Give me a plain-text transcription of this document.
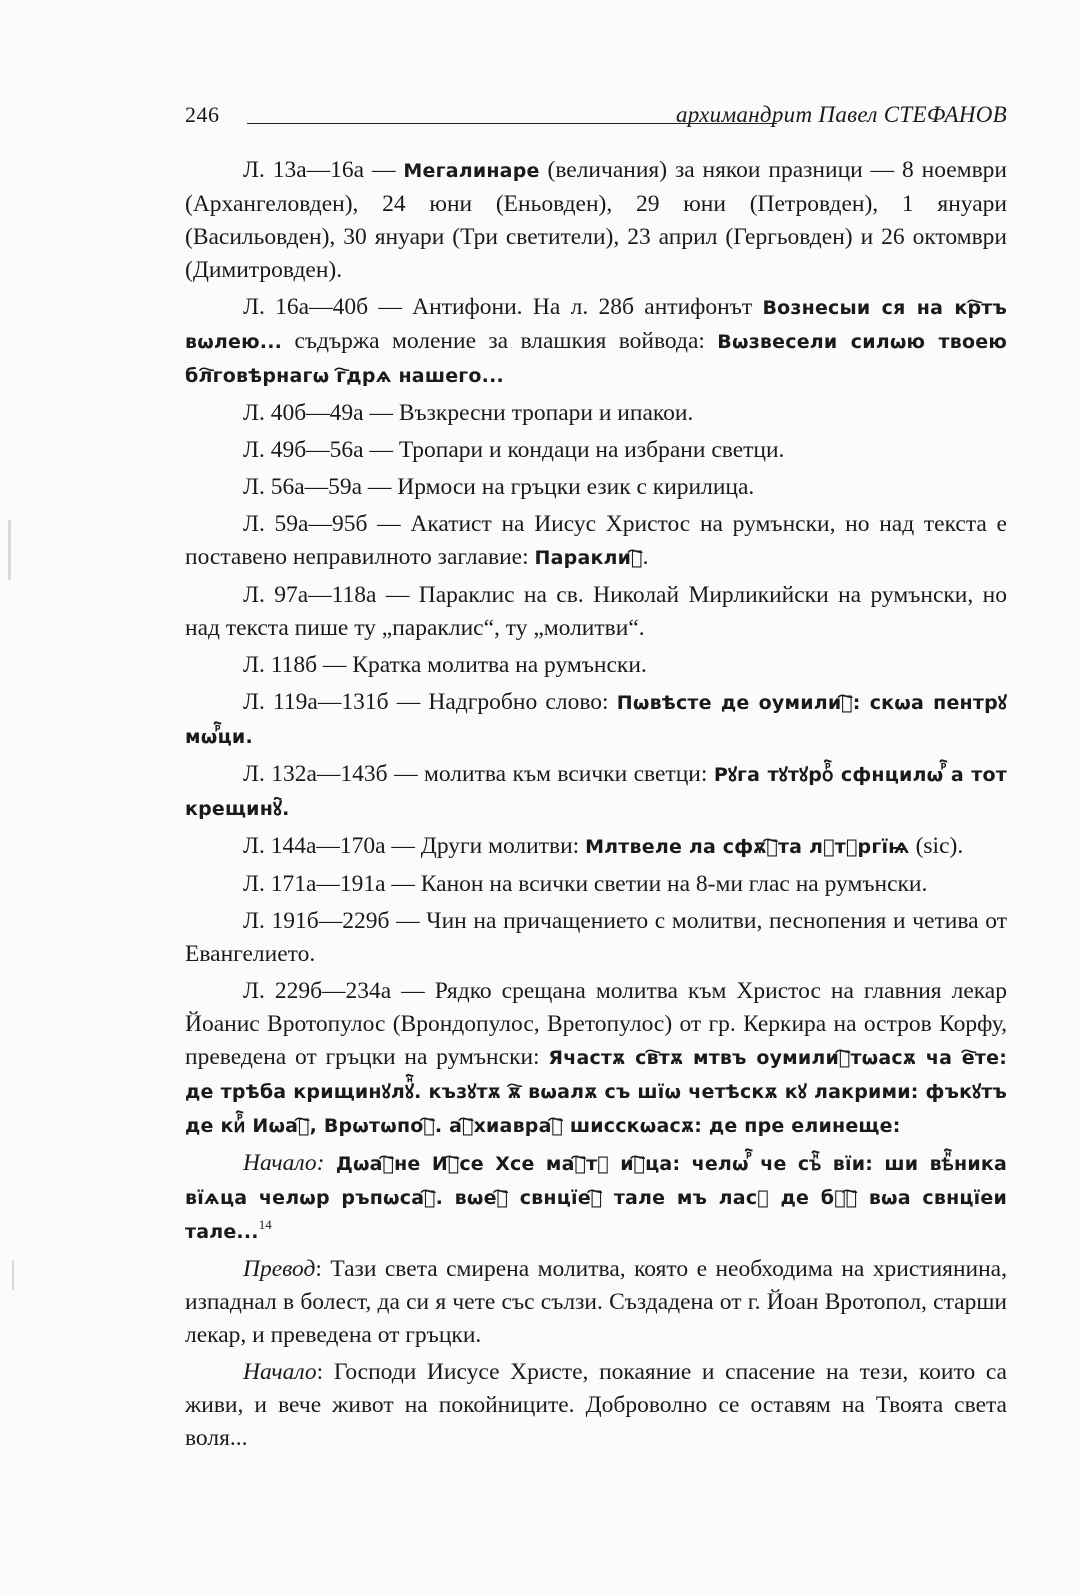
246	архимандрит Павел СТЕФАНОВ

Л. 13а—16а — Мегалинаре (величания) за някои празници — 8 ноември (Архангеловден), 24 юни (Еньовден), 29 юни (Петровден), 1 януари (Васильовден), 30 януари (Три светители), 23 април (Гергьовден) и 26 октомври (Димитровден).

Л. 16а—40б — Антифони. На л. 28б антифонът Вознесыи ся на кр҇тъ вωлею... съдържа моление за влашкия войвода: Вωзвесели силωю твоею бл҇говѣрнагω г҇дрѧ нашего...

Л. 40б—49а — Възкресни тропари и ипакои.

Л. 49б—56а — Тропари и кондаци на избрани светци.

Л. 56а—59а — Ирмоси на гръцки език с кирилица.

Л. 59а—95б — Акатист на Иисус Христос на румънски, но над текста е поставено неправилното заглавие: Параклиⷭ҇.

Л. 97а—118а — Параклис на св. Николай Мирликийски на румънски, но над текста пише ту „параклис“, ту „молитви“.

Л. 118б — Кратка молитва на румънски.

Л. 119а—131б — Надгробно слово: Пωвѣсте де оумилиⷩ҇: скωа пентрꙋ мωⷬ҇ци.

Л. 132а—143б — молитва към всички светци: Рꙋга тꙋтꙋроⷬ҇ сфнцилωⷬ҇ а тот крещинꙋ҇.

Л. 144а—170а — Други молитви: Млтвеле ла сфѫⷩ҇та лꙋтꙋргїѩ (sic).

Л. 171а—191а — Канон на всички светии на 8-ми глас на румънски.

Л. 191б—229б — Чин на причащението с молитви, песнопения и четива от Евангелието.

Л. 229б—234а — Рядко срещана молитва към Христос на главния лекар Йоанис Вротопулос (Врондопулос, Вретопулос) от гр. Керкира на остров Корфу, преведена от гръцки на румънски: Ячастѫ св҇тѫ мтвъ оумилиⷩ҇тωасѫ ча е҇те: де трѣба крищинꙋлꙋⷩ҇. къзꙋтѫ ѫ҇ вωалѫ съ шїω четѣскѫ кꙋ лакрими: фъкꙋтъ де киⷬ҇ Иωаⷩ҇, Врωтωпоⷧ҇. аⷬ҇хиавраⷱ҇ шисскωасѫ: де пре елинеще:

Начало: Дωаⷩ҇не Иⷭ҇се Хсе маⷩ҇тꙋ иⷩ҇ца: челωⷬ҇ че съⷩ҇ вїи: ши вѣⷩ҇ника вїѧца челωр ръпωсаⷱ҇. вωеⷩ҇ свнцїеⷩ҇ тале мъ ласꙋ де бꙋⷩ҇ вωа свнцїеи тале...$^{14}$

Превод: Тази света смирена молитва, която е необходима на християнина, изпаднал в болест, да си я чете със сълзи. Създадена от г. Йоан Вротопол, старши лекар, и преведена от гръцки.

Начало: Господи Иисусе Христе, покаяние и спасение на тези, които са живи, и вече живот на покойниците. Доброволно се оставям на Твоята света воля...
